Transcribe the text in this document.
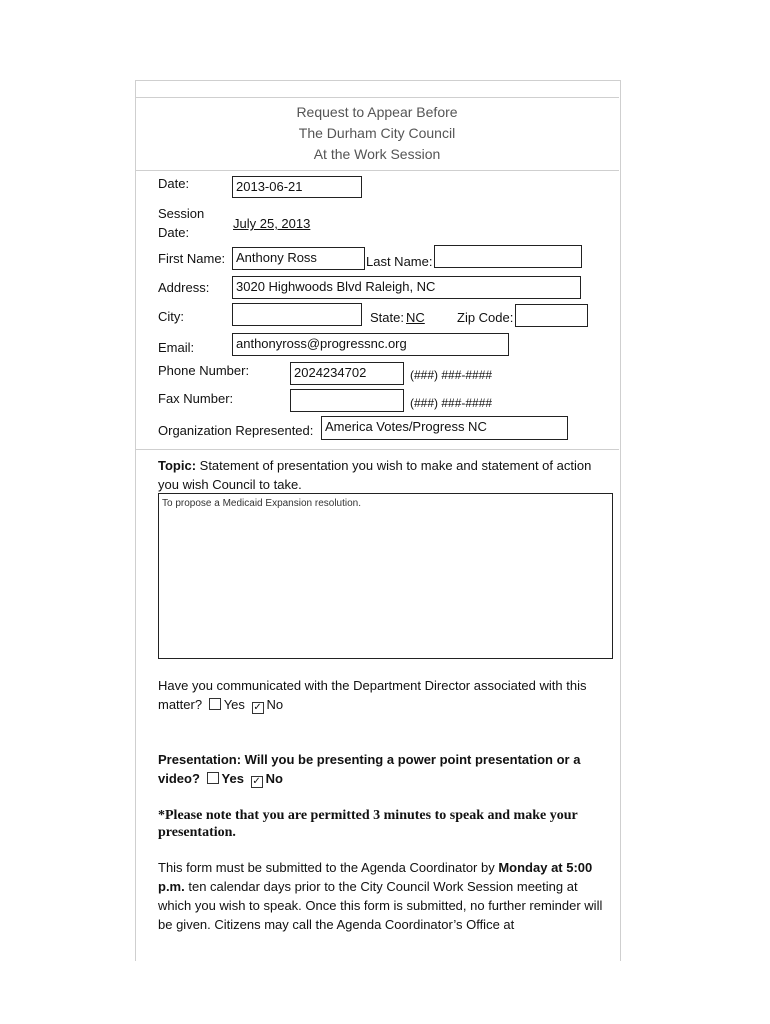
Request to Appear Before
The Durham City Council
At the Work Session
Date:	2013-06-21
Session
Date:
July 25, 2013
First Name: Anthony Ross	Last Name:
Address:	3020 Highwoods Blvd Raleigh, NC
City:	State: NC Zip Code:
Email:	anthonyross@progressnc.org
Phone Number:	2024234702	(###) ###-####
Fax Number:	(###) ###-####
Organization Represented: America Votes/Progress NC
Topic: Statement of presentation you wish to make and statement of action you wish Council to take.
To propose a Medicaid Expansion resolution.
Have you communicated with the Department Director associated with this matter? Yes ✓ No
Presentation: Will you be presenting a power point presentation or a video? Yes ✓ No
*Please note that you are permitted 3 minutes to speak and make your presentation.
This form must be submitted to the Agenda Coordinator by Monday at 5:00 p.m. ten calendar days prior to the City Council Work Session meeting at which you wish to speak. Once this form is submitted, no further reminder will be given. Citizens may call the Agenda Coordinator’s Office at
